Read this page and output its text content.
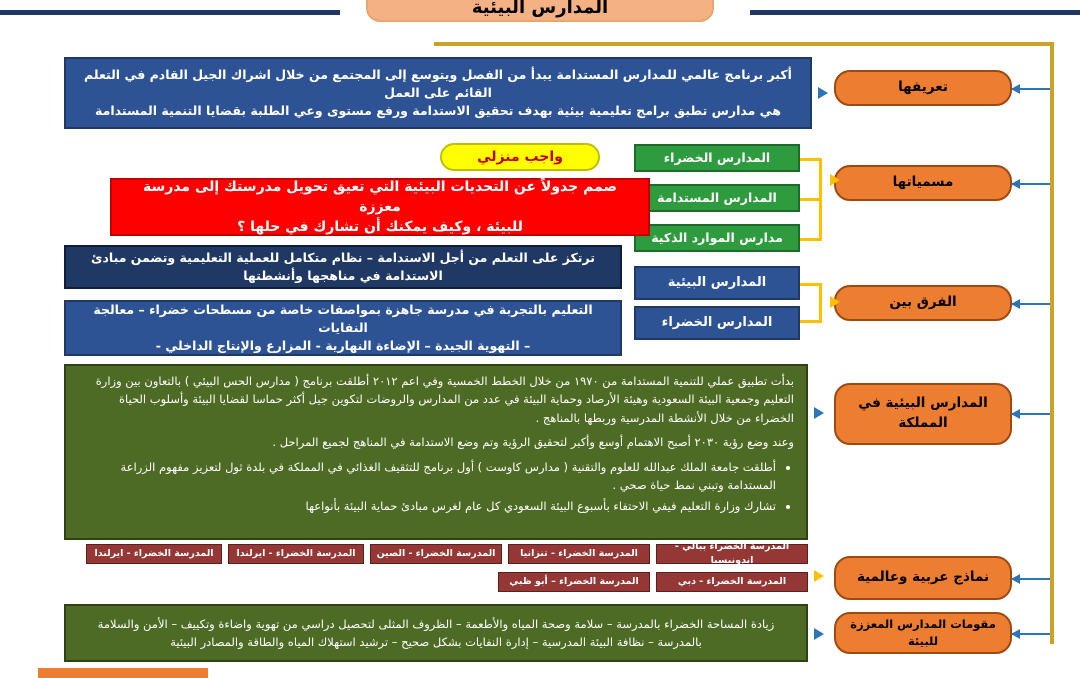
المدارس البيئية
تعريفها
مسمياتها
الفرق بين
المدارس البيئية في المملكة
نماذج عربية وعالمية
مقومات المدارس المعززة للبيئة
أكبر برنامج عالمي للمدارس المستدامة يبدأ من الفصل ويتوسع إلى المجتمع من خلال اشراك الجيل القادم في التعلم القائم على العمل
هي مدارس تطبق برامج تعليمية بيئية بهدف تحقيق الاستدامة ورفع مستوى وعي الطلبة بقضايا التنمية المستدامة
المدارس الخضراء
المدارس المستدامة
مدارس الموارد الذكية
واجب منزلي
صمم جدولاً عن التحديات البيئية التي تعيق تحويل مدرستك إلى مدرسة معززة
للبيئة ، وكيف يمكنك أن تشارك في حلها ؟
المدارس البيئية
ترتكز على التعلم من أجل الاستدامة – نظام متكامل للعملية التعليمية وتضمن مبادئ الاستدامة في مناهجها وأنشطتها
المدارس الخضراء
التعليم بالتجربة في مدرسة جاهزة بمواصفات خاصة من مسطحات خضراء – معالجة النفايات
– التهوية الجيدة – الإضاءة النهارية - المزارع والإنتاج الداخلي -

بدأت تطبيق عملي للتنمية المستدامة من ١٩٧٠ من خلال الخطط الخمسية وفي اعم ٢٠١٢ أطلقت برنامج ( مدارس الحس البيئي ) بالتعاون بين وزارة التعليم وجمعية البيئة السعودية وهيئة الأرصاد وحماية البيئة في عدد من المدارس والروضات لتكوين جيل أكثر حماسا لقضايا البيئة وأسلوب الحياة الخضراء من خلال الأنشطة المدرسية وربطها بالمناهج .

وعند وضع رؤية ٢٠٣٠ أصبح الاهتمام أوسع وأكبر لتحقيق الرؤية وتم وضع الاستدامة في المناهج لجميع المراحل .

• أطلقت جامعة الملك عبدالله للعلوم والتقنية ( مدارس كاوست ) أول برنامج للتثقيف الغذائي في المملكة في بلدة ثول لتعزيز مفهوم الزراعة المستدامة وتبني نمط حياة صحي .
• تشارك وزارة التعليم فيفي الاحتفاء بأسبوع البيئة السعودي كل عام لغرس مبادئ حماية البيئة بأنواعها
المدرسة الخضراء ببالي - اندونيسيا
المدرسة الخضراء - تنزانيا
المدرسة الخضراء - الصين
المدرسة الخضراء - ايرلندا
المدرسة الخضراء - ايرلندا
المدرسة الخضراء - دبي
المدرسة الخضراء – أبو ظبي
زيادة المساحة الخضراء بالمدرسة – سلامة وصحة المياه والأطعمة – الظروف المثلى لتحصيل دراسي من تهوية واضاءة وتكييف – الأمن والسلامة
بالمدرسة – نظافة البيئة المدرسية – إدارة النفايات بشكل صحيح – ترشيد استهلاك المياه والطاقة والمصادر البيئية
